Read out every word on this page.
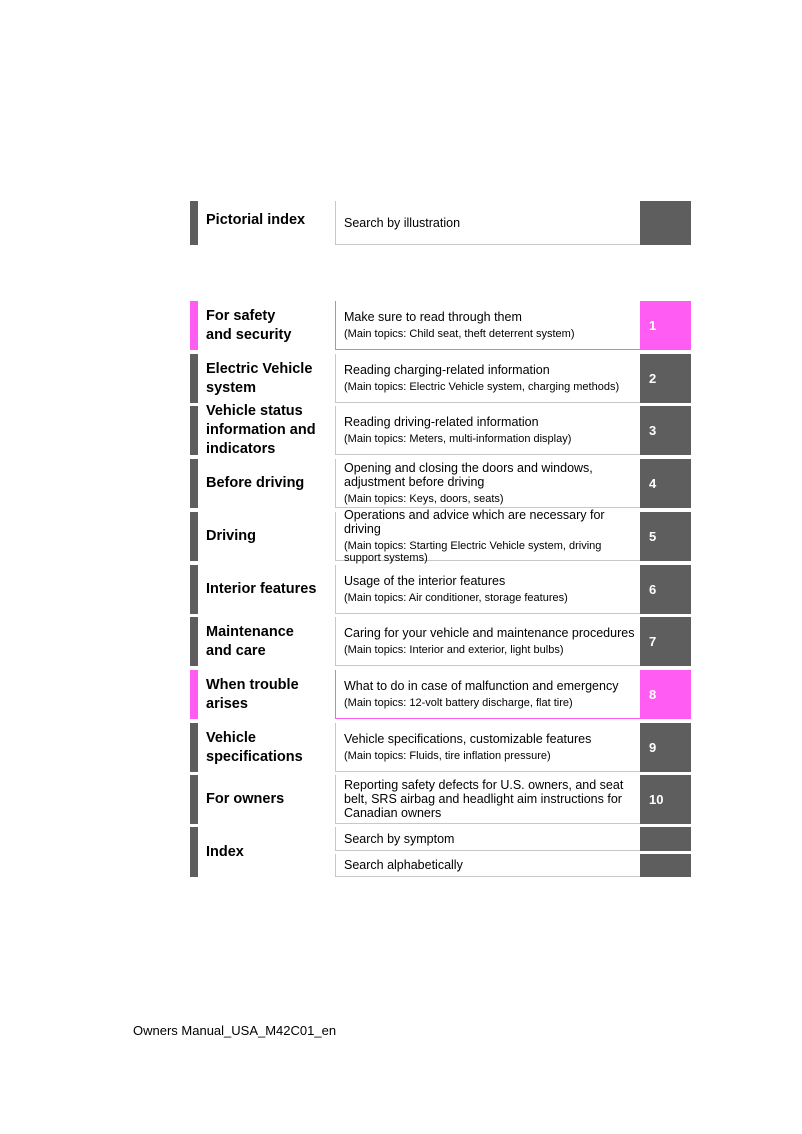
Pictorial index	Search by illustration
For safety
and security
Make sure to read through them
(Main topics: Child seat, theft deterrent system)
1
Electric Vehicle
system
Reading charging-related information
(Main topics: Electric Vehicle system, charging methods)
2
Vehicle status
information and
indicators
Reading driving-related information
(Main topics: Meters, multi-information display)
3
Before driving
Opening and closing the doors and windows, adjustment before driving
(Main topics: Keys, doors, seats)
4
Driving
Operations and advice which are necessary for driving
(Main topics: Starting Electric Vehicle system, driving support systems)
5
Interior features	Usage of the interior features
(Main topics: Air conditioner, storage features)
6
Maintenance
and care
Caring for your vehicle and maintenance procedures
(Main topics: Interior and exterior, light bulbs)
7
When trouble
arises
What to do in case of malfunction and emergency
(Main topics: 12-volt battery discharge, flat tire)
8
Vehicle
specifications
Vehicle specifications, customizable features
(Main topics: Fluids, tire inflation pressure)
9
For owners
Reporting safety defects for U.S. owners, and seat belt, SRS airbag and headlight aim instructions for Canadian owners
10
Index
Search by symptom
Search alphabetically
Owners Manual_USA_M42C01_en
